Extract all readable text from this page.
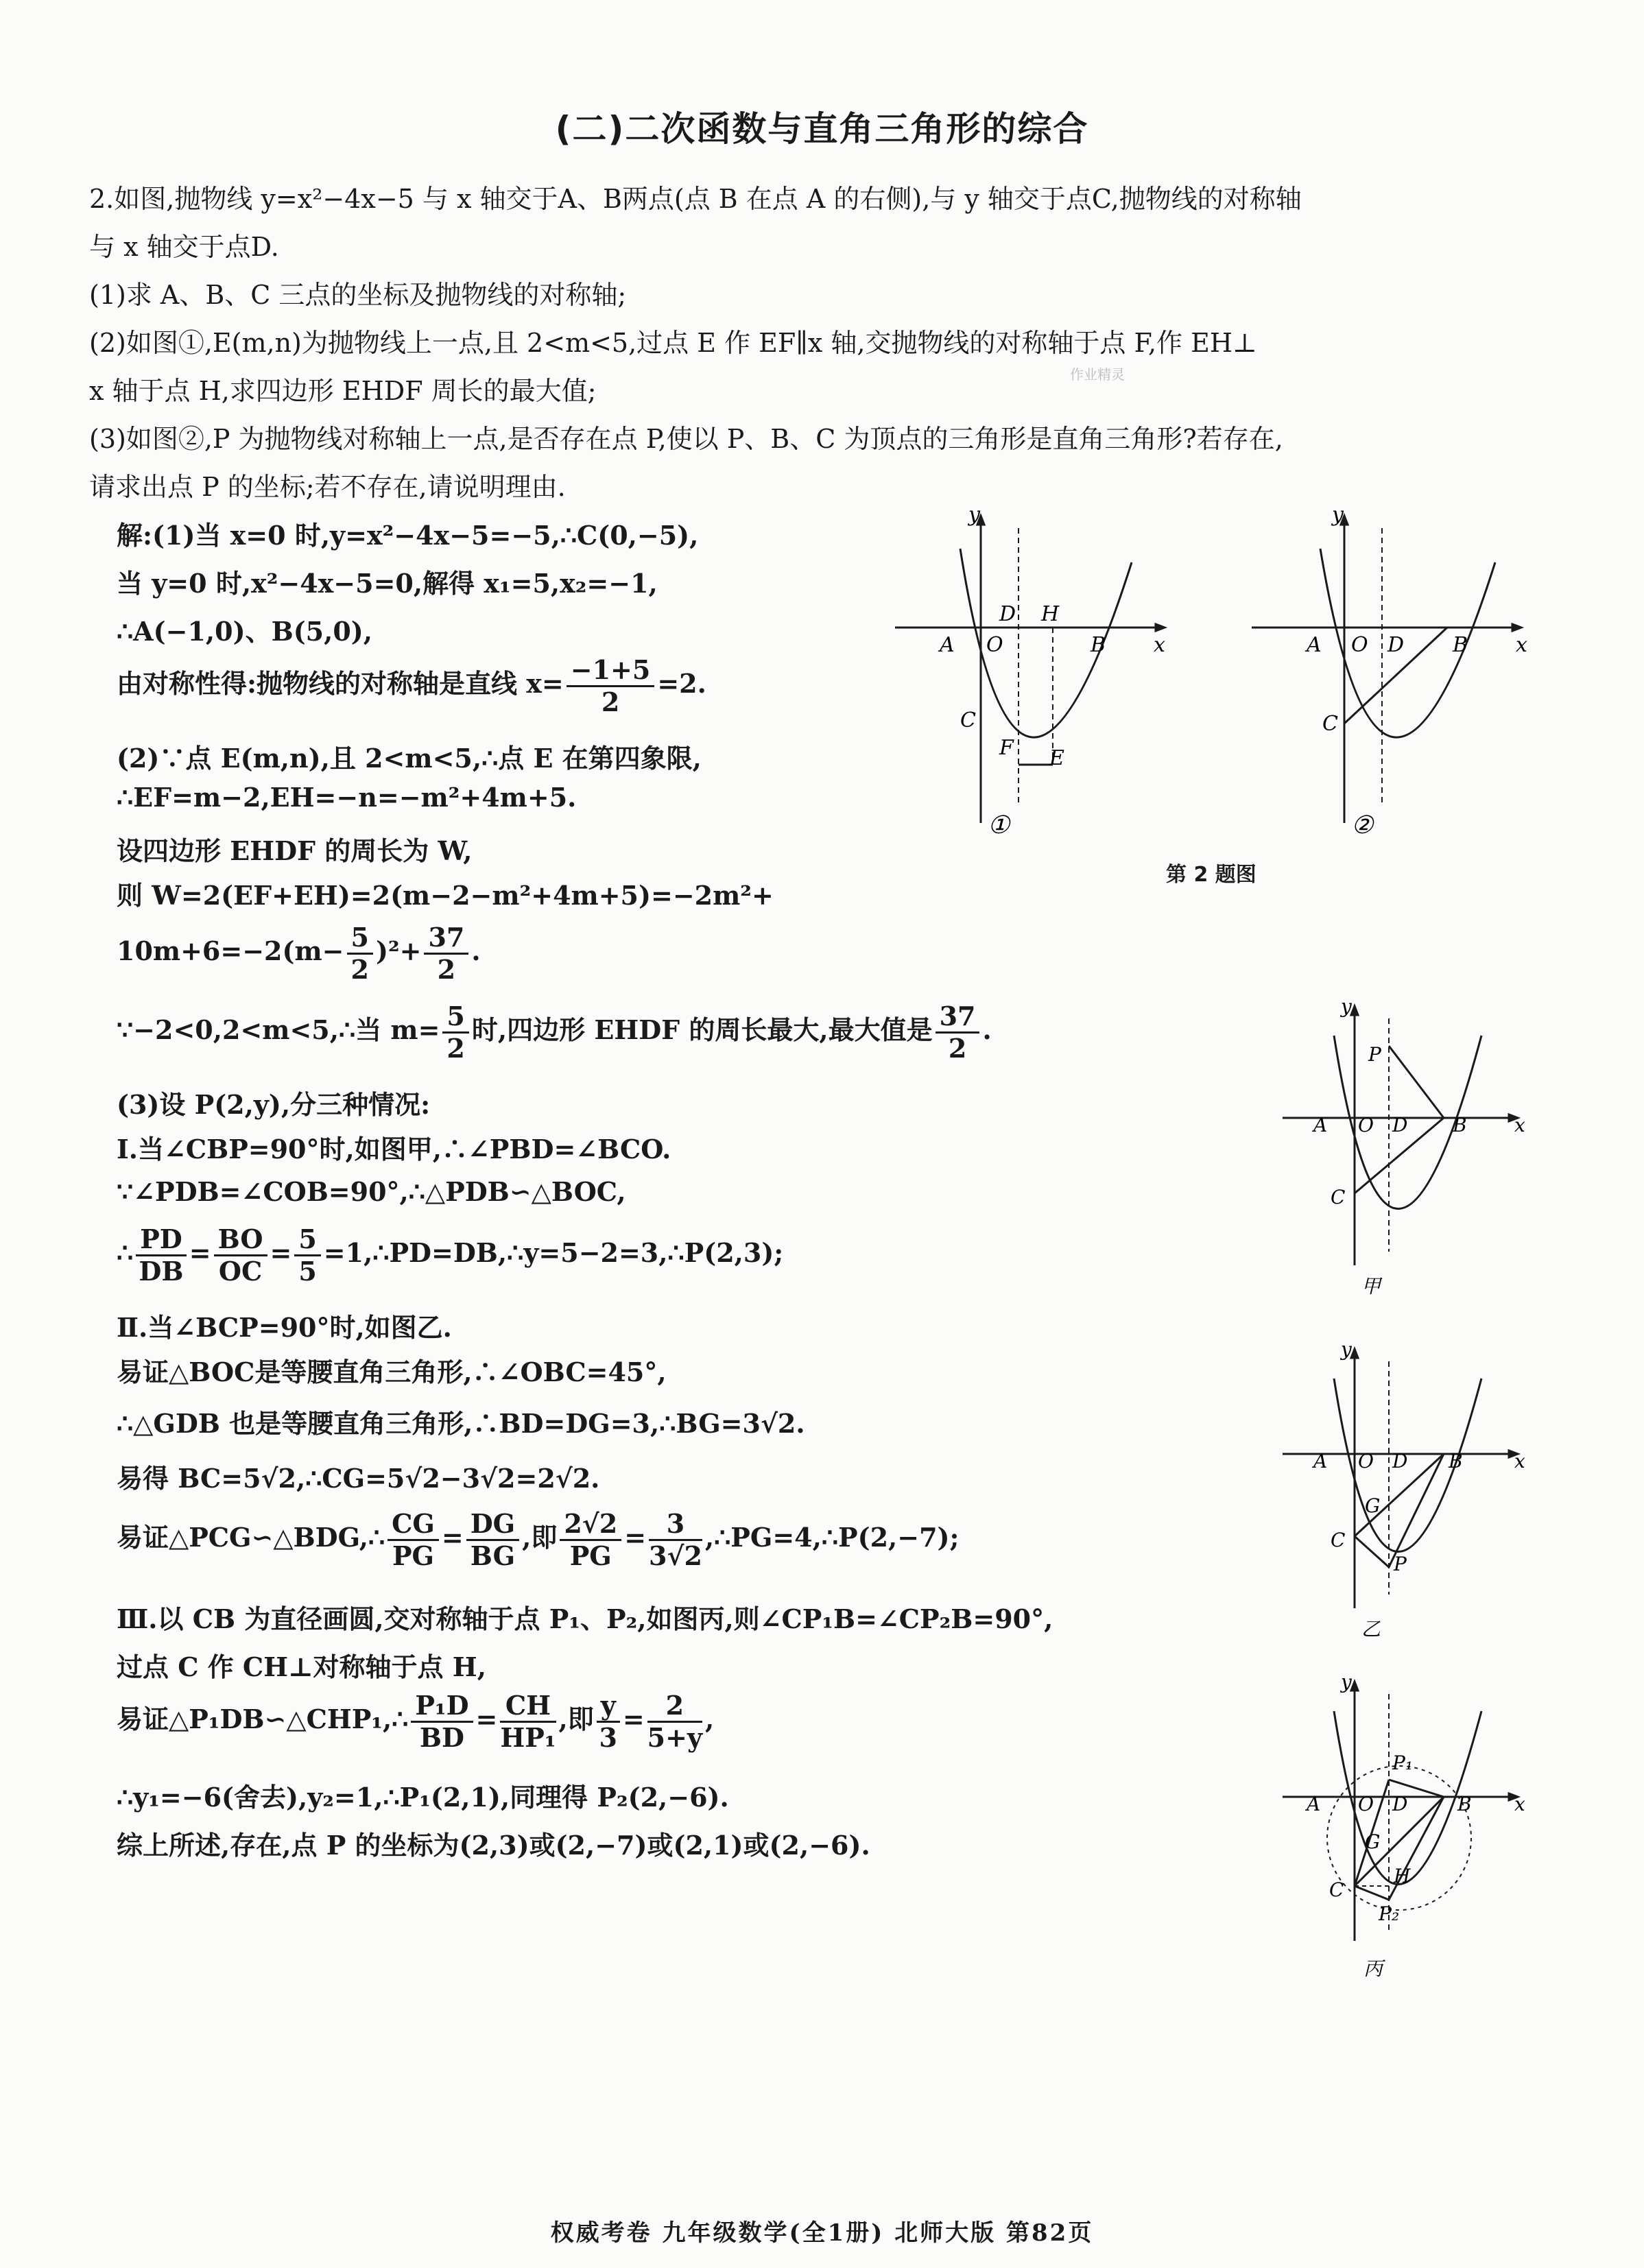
(二)二次函数与直角三角形的综合
2.如图,抛物线 y=x²−4x−5 与 x 轴交于A、B两点(点 B 在点 A 的右侧),与 y 轴交于点C,抛物线的对称轴
与 x 轴交于点D.
(1)求 A、B、C 三点的坐标及抛物线的对称轴;
(2)如图①,E(m,n)为抛物线上一点,且 2<m<5,过点 E 作 EF∥x 轴,交抛物线的对称轴于点 F,作 EH⊥
x 轴于点 H,求四边形 EHDF 周长的最大值;
(3)如图②,P 为抛物线对称轴上一点,是否存在点 P,使以 P、B、C 为顶点的三角形是直角三角形?若存在,
请求出点 P 的坐标;若不存在,请说明理由.
作业精灵
解:(1)当 x=0 时,y=x²−4x−5=−5,∴C(0,−5),
当 y=0 时,x²−4x−5=0,解得 x₁=5,x₂=−1,
∴A(−1,0)、B(5,0),
由对称性得:抛物线的对称轴是直线 $x= \frac{-1+5}{2} =2$.
(2)∵点 E(m,n),且 2<m<5,∴点 E 在第四象限,
∴EF=m−2,EH=−n=−m²+4m+5.
设四边形 EHDF 的周长为 W,
则 W=2(EF+EH)=2(m−2−m²+4m+5)=−2m²+
$10m+6=-2(m- \frac{5}{2} )^2+ \frac{37}{2}$ .
∵−2<0,2<m<5,∴当 $m= \frac{5}{2}$ 时,四边形 EHDF 的周长最大,最大值是 $\frac{37}{2}$ .
(3)设 P(2,y),分三种情况:
Ⅰ.当∠CBP=90°时,如图甲,∴∠PBD=∠BCO.
∵∠PDB=∠COB=90°,∴△PDB∽△BOC,
∴ $\frac{PD}{DB} = \frac{BO}{OC} = \frac{5}{5}$ =1,∴PD=DB,∴y=5−2=3,∴P(2,3);
Ⅱ.当∠BCP=90°时,如图乙.
易证△BOC是等腰直角三角形,∴∠OBC=45°,
∴△GDB 也是等腰直角三角形,∴BD=DG=3,∴BG=3√2.
易得 BC=5√2,∴CG=5√2−3√2=2√2.
易证△PCG∽△BDG,∴ $\frac{CG}{PG} = \frac{DG}{BG}$ ,即 $\frac{2√2}{PG} = \frac{3}{3√2}$ ,∴PG=4,∴P(2,−7);
Ⅲ.以 CB 为直径画圆,交对称轴于点 P₁、P₂,如图丙,则∠CP₁B=∠CP₂B=90°,
过点 C 作 CH⊥对称轴于点 H,
易证△P₁DB∽△CHP₁,∴ $\frac{\text{P₁D}}{BD} = \frac{CH}{\text{HP₁}}$ ,即 $\frac{y}{3} = \frac{2}{5+y}$ ,
∴y₁=−6(舍去),y₂=1,∴P₁(2,1),同理得 P₂(2,−6).
综上所述,存在,点 P 的坐标为(2,3)或(2,−7)或(2,1)或(2,−6).
y
x
A O
D H
B
C
F E
①
y
x
A O D B
C
②
第 2 题图
y
x
P
A O D B
C
甲
y
x
A O D B
G
C
P
乙
y
x
P₁
A O D	B
G
C
H
P₂
丙
权威考卷 九年级数学(全1册) 北师大版 第82页
